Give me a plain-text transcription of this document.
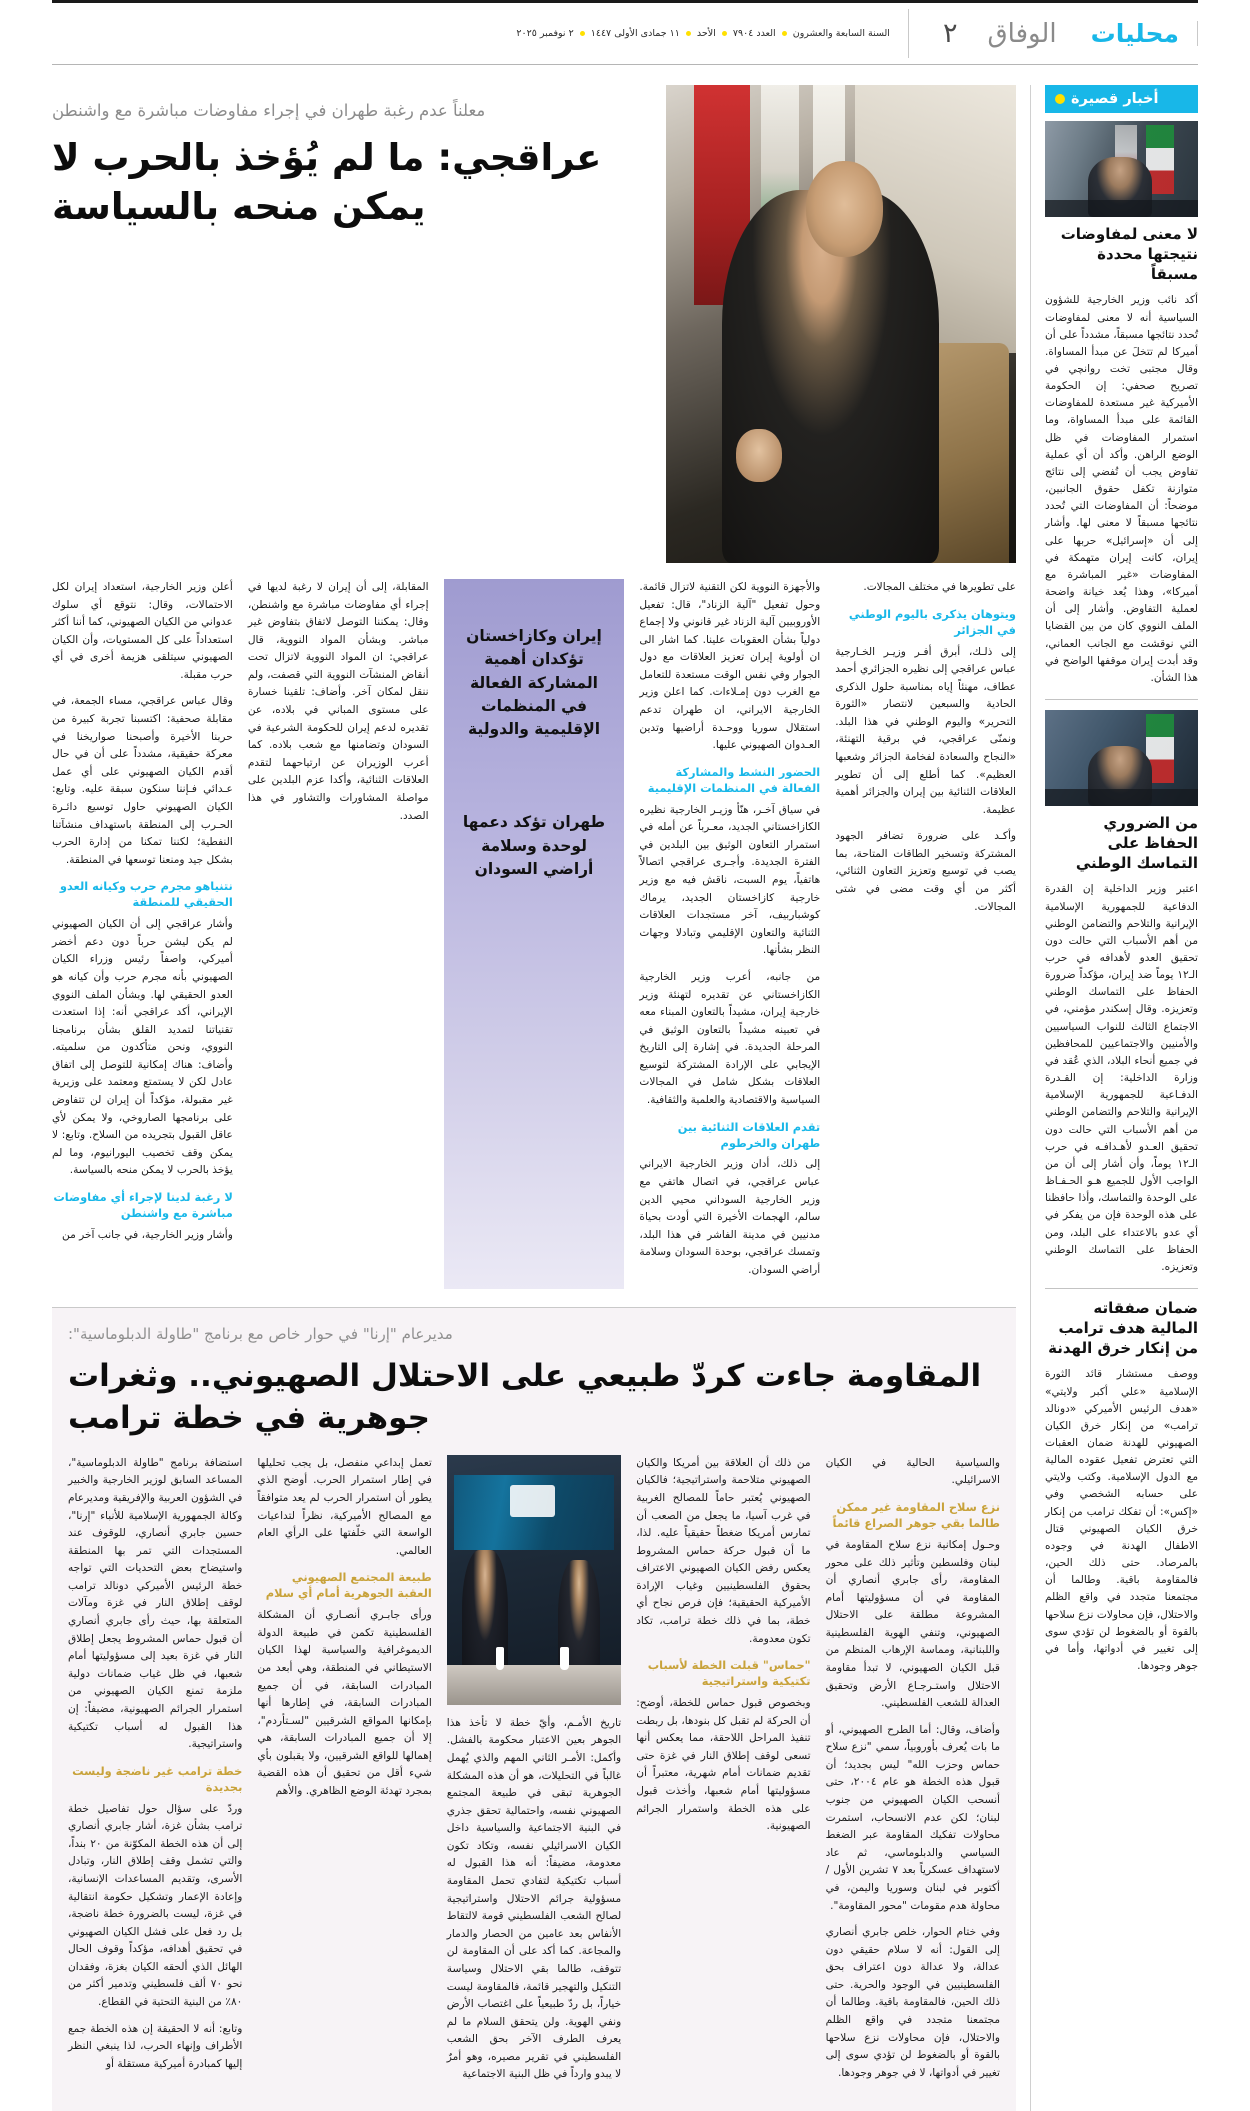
٢	الوفاق	محليات
السنة السابعة والعشرون  العدد ٧٩٠٤  الأحد  ١١ جمادى الأولى ١٤٤٧  ٢ نوفمبر ٢٠٢٥
أخبار قصيرة
لا معنى لمفاوضات نتيجتها محددة مسبقاً
أكد نائب وزير الخارجية للشؤون السياسية أنه لا معنى لمفاوضات تُحدد نتائجها مسبقاً، مشدداً على أن أميركا لم تتخلَ عن مبدأ المساواة. وقال مجتبى تخت روانچي في تصريح صحفي: إن الحكومة الأميركية غير مستعدة للمفاوضات القائمة على مبدأ المساواة، وما استمرار المفاوضات في ظل الوضع الراهن. وأكد أن أي عملية تفاوض يجب أن تُفضي إلى نتائج متوازنة تكفل حقوق الجانبين، موضحاً: أن المفاوضات التي تُحدد نتائجها مسبقاً لا معنى لها. وأشار إلى أن «إسرائيل» حربها على إيران، كانت إيران متهمكة في المفاوضات «غير المباشرة مع أميركا»، وهذا يُعد خيانة واضحة لعملية التفاوض. وأشار إلى أن الملف النووي كان من بين القضايا التي نوقشت مع الجانب العماني، وقد أبدت إيران موقفها الواضح في هذا الشأن.
من الضروري الحفاظ على التماسك الوطني
اعتبر وزير الداخلية إن القدرة الدفاعية للجمهورية الإسلامية الإيرانية والتلاحم والتضامن الوطني من أهم الأسباب التي حالت دون تحقيق العدو لأهدافه في حرب الـ١٢ يوماً ضد إيران، مؤكداً ضرورة الحفاظ على التماسك الوطني وتعزيزه. وقال إسكندر مؤمني، في الاجتماع الثالث للنواب السياسيين والأمنيين والاجتماعيين للمحافظين في جميع أنحاء البلاد، الذي عُقد في وزارة الداخلية: إن القـدرة الدفـاعية للجمهورية الإسلامية الإيرانية والتلاحم والتضامن الوطني من أهم الأسباب التي حالت دون تحقيق العـدو لأهـدافـه في حرب الـ١٢ يوماً، وأن أشار إلى أن من الواجب الأول للجميع هـو الحـفـاظ على الوحدة والتماسك، وأذا حافظنا على هذه الوحدة فإن من يفكر في أي عدو بالاعتداء على البلد، ومن الحفاظ على التماسك الوطني وتعزيزه.
ضمان صفقاته المالية هدف ترامب من إنكار خرق الهدنة
ووصف مستشار قائد الثورة الإسلامية «علي أكبر ولايتي» «هدف الرئيس الأميركي «دونالد ترامب» من إنكار خرق الكيان الصهيوني للهدنة ضمان العقبات التي تعترض تفعيل عقوده المالية مع الدول الإسلامية. وكتب ولايتي على حسابه الشخصي وفي «إكس»: أن تفكك ترامب من إنكار خرق الكيان الصهيوني قتال الاطفال الهدنة في وجوده بالمرصاد. حتى ذلك الحين، فالمقاومة باقية. وطالما أن مجتمعنا متجدد في واقع الظلم والاحتلال، فإن محاولات نزع سلاحها بالقوة أو بالضغوط لن تؤدي سوى إلى تغيير في أدواتها، وأما في جوهر وجودها.
معلناً عدم رغبة طهران في إجراء مفاوضات مباشرة مع واشنطن
عراقجي: ما لم يُؤخذ بالحرب لا يمكن منحه بالسياسة

على تطويرها في مختلف المجالات.

ويتوهان يذكرى باليوم الوطني في الجزائر

إلى ذلـك، أبرق أفـر وزيـر الخـارجية عباس عراقجي إلى نظيره الجزائري أحمد عطاف، مهنئاً إياه بمناسبة حلول الذكرى الحادية والسبعين لانتصار «الثورة التحرير» واليوم الوطني في هذا البلد. ونمنّى عراقجي، في برقية التهنئة، «النجاح والسعادة لفخامة الجزائر وشعبها العظيم». كما أطلع إلى أن تطوير العلاقات الثنائية بين إيران والجزائر أهمية عظيمة.

وأكـد على ضرورة تضافر الجهود المشتركة وتسخير الطاقات المتاحة، بما يصب في توسيع وتعزيز التعاون الثنائي، أكثر من أي وقت مضى في شتى المجالات.

والأجهزة النووية لكن التقنية لاتزال قائمة. وحول تفعيل "آلية الزناد"، قال: تفعيل الأوروبيين آلية الزناد غير قانوني ولا إجماع دولياً بشأن العقوبات علينا. كما اشار الى ان أولوية إيران تعزيز العلاقات مع دول الجوار وفي نفس الوقت مستعدة للتعامل مع الغرب دون إمـلاءات. كما اعلن وزير الخارجية الايراني، ان طهران تدعم استقلال سوريا ووحـدة أراضيها وتدين العـدوان الصهيوني عليها.

الحضور النشط والمشاركة الفعالة في المنظمات الإقليمية

في سياق آخـر، هنّأ وزيـر الخارجية نظيره الكازاخستاني الجديد، معـرباً عن أمله في استمرار التعاون الوثيق بين البلدين في الفترة الجديدة. وأجـرى عراقجي اتصالاً هاتفياً، يوم السبت، ناقش فيه مع وزير خارجية كازاخستان الجديد، يرماك كوشباربيف، آخر مستجدات العلاقات الثنائية والتعاون الإقليمي وتبادلا وجهات النظر بشأنها.

من جانبه، أعرب وزير الخارجية الكازاخستاني عن تقديره لتهنئة وزير خارجية إيران، مشيداً بالتعاون المبناء معه في تعبينه مشيداً بالتعاون الوثيق في المرحلة الجديدة. في إشارة إلى التاريخ الإيجابي على الإرادة المشتركة لتوسيع العلاقات بشكل شامل في المجالات السياسية والاقتصادية والعلمية والثقافية.

تقدم العلاقات الثنائية بين طهران والخرطوم

إلى ذلك، أدان وزير الخارجية الايراني عباس عراقجي، في اتصال هاتفي مع وزير الخارجية السوداني محيي الدين سالم، الهجمات الأخيرة التي أودت بحياة مدنيين في مدينة الفاشر في هذا البلد، وتمسك عراقجي، بوحدة السودان وسلامة أراضي السودان.

إيران وكازاخستان تؤكدان أهمية المشاركة الفعالة في المنظمات الإقليمية والدولية
طهران تؤكد دعمها لوحدة وسلامة أراضي السودان

المقابلة، إلى أن إيران لا رغبة لديها في إجراء أي مفاوضات مباشرة مع واشنطن، وقال: يمكننا التوصل لاتفاق بتفاوض غير مباشر. وبشأن المواد النووية، قال عراقجي: ان المواد النووية لاتزال تحت أنقاض المنشآت النووية التي قصفت، ولم ننقل لمكان آخر. وأضاف: تلقينا خسارة على مستوى المباني في بلاده، عن تقديره لدعم إيران للحكومة الشرعية في السودان وتضامنها مع شعب بلاده. كما أعرب الوزيران عن ارتياحهما لتقدم العلاقات الثنائية، وأكدا عزم البلدين على مواصلة المشاورات والتشاور في هذا الصدد.

أعلن وزير الخارجية، استعداد إيران لكل الاحتمالات، وقال: نتوقع أي سلوك عدواني من الكيان الصهيوني، كما أننا أكثر استعداداً على كل المستويات، وأن الكيان الصهيوني سيتلقى هزيمة أخرى في أي حرب مقبلة.

وقال عباس عراقجي، مساء الجمعة، في مقابلة صحفية: اكتسبنا تجربة كبيرة من حربنا الأخيرة وأصبحنا صواريخنا في معركة حقيقية، مشدداً على أن في حال أقدم الكيان الصهيوني على أي عمل عـدائي فـإننا سنكون سبقة عليه. وتابع: الكيان الصهيوني حاول توسيع دائـرة الحـرب إلى المنطقة باستهداف منشآتنا النفطية؛ لكننا تمكنا من إدارة الحرب بشكل جيد ومنعنا توسعها في المنطقة.

نتنياهو مجرم حرب وكيانه العدو الحقيقي للمنطقة

وأشار عراقجي إلى أن الكيان الصهيوني لم يكن ليشن حرباً دون دعم أخضر أميركي، واصفاً رئيس وزراء الكيان الصهيوني بأنه مجرم حرب وأن كيانه هو العدو الحقيقي لها. وبشأن الملف النووي الإيراني، أكد عراقجي أنه: إذا استعدت تقنياتنا لتمديد القلق بشأن برنامجنا النووي، ونحن متأكدون من سلميته. وأضاف: هناك إمكانية للتوصل إلى اتفاق عادل لكن لا يستمتع ومعتمد على وزيرية غير مقبولة، مؤكداً أن إيران لن تتفاوض على برنامجها الصاروخي، ولا يمكن لأي عاقل القبول بتجريده من السلاح. وتابع: لا يمكن وقف تخصيب اليورانيوم، وما لم يؤخذ بالحرب لا يمكن منحه بالسياسة.

لا رغبة لدينا لإجراء أي مفاوضات مباشرة مع واشنطن

وأشار وزير الخارجية، في جانب آخر من

مديرعام "إرنا" في حوار خاص مع برنامج "طاولة الدبلوماسية":
المقاومة جاءت كردّ طبيعي على الاحتلال الصهيوني.. وثغرات جوهرية في خطة ترامب

والسياسية الحالية في الكيان الاسرائيلي.

نزع سلاح المقاومة غير ممكن طالما بقي جوهر الصراع قائماً

وحـول إمكانية نزع سلاح المقاومة في لبنان وفلسطين وتأثير ذلك على محور المقاومة، رأى جابري أنصاري أن المقاومة في أن مسؤوليتها أمام المشروعة مطلقة على الاحتلال الصهيوني، وتنفي الهوية الفلسطينية واللبنانية، ومماسة الإرهاب المنظم من قبل الكيان الصهيوني، لا تبدأ مقاومة الاحتلال واستـرجـاع الأرض وتحقيق العدالة للشعب الفلسطيني.

وأضاف، وقال: أما الطرح الصهيوني، أو ما بات يُعرف بأوروبياً، سمي "نزع سلاح حماس وحزب الله" ليس بجديد؛ أن قبول هذه الخطة هو عام ٢٠٠٤، حتى أنسحب الكيان الصهيوني من جنوب لبنان؛ لكن عدم الانسحاب، استمرت محاولات تفكيك المقاومة عبر الضغط السياسي والدبلوماسي، ثم عاد لاستهداف عسكرياً بعد ٧ تشرين الأول / أكتوبر في لبنان وسوريا واليمن، في محاولة هدم مقومات "محور المقاومة".

وفي ختام الحوار، خلص جابري أنصاري إلى القول: أنه لا سلام حقيقي دون عدالة، ولا عدالة دون اعتراف بحق الفلسطينيين في الوجود والحرية. حتى ذلك الحين، فالمقاومة باقية. وطالما أن مجتمعنا متجدد في واقع الظلم والاحتلال، فإن محاولات نزع سلاحها بالقوة أو بالضغوط لن تؤدي سوى إلى تغيير في أدواتها، لا في جوهر وجودها.

من ذلك أن العلاقة بين أمريكا والكيان الصهيوني متلاحمة واستراتيجية؛ فالكيان الصهيوني يُعتبر حاماً للمصالح الغربية في غرب آسيا، ما يجعل من الصعب أن تمارس أمريكا ضغطاً حقيقياً عليه. لذا، ما أن قبول حركة حماس المشروط يعكس رفض الكيان الصهيوني الاعتراف بحقوق الفلسطينيين وغياب الإرادة الأميركية الحقيقية؛ فإن فرص نجاح أي خطة، بما في ذلك خطة ترامب، تكاد تكون معدومة.

"حماس" قبلت الخطة لأسباب تكتيكية واستراتيجية

وبخصوص قبول حماس للخطة، أوضح: أن الحركة لم تقبل كل بنودها، بل ربطت تنفيذ المراحل اللاحقة، مما يعكس أنها تسعى لوقف إطلاق النار في غزة حتى تقديم ضمانات أمام شهرية، معتبراً أن مسؤوليتها أمام شعبها، وأخذت قبول على هذه الخطة واستمرار الجرائم الصهيونية.

تاريخ الأمـم، وأيّ خطة لا تأخذ هذا الجوهر بعين الاعتبار محكومة بالفشل. وأكمل: الأمـر الثاني المهم والذي يُهمل غالباً في التحليلات، هو أن هذه المشكلة الجوهرية تبقى في طبيعة المجتمع الصهيوني نفسه، واحتمالية تحقق جذري في البنية الاجتماعية والسياسية داخل الكيان الاسرائيلي نفسه، وتكاد تكون معدومة، مضيفاً: أنه هذا القبول له أسباب تكتيكية لتفادي تحمل المقاومة مسؤولية جرائم الاحتلال واستراتيجية لصالح الشعب الفلسطيني قومة لالتقاط الأنفاس بعد عامين من الحصار والدمار والمجاعة. كما أكد على أن المقاومة لن تتوقف، طالما بقي الاحتلال وسياسة التنكيل والتهجير قائمة، فالمقاومة ليست خياراً، بل ردّ طبيعياً على اغتصاب الأرض ونفي الهوية. ولن يتحقق السلام ما لم يعرف الطرف الآخر بحق الشعب الفلسطيني في تقرير مصيره، وهو أمرٌ لا يبدو وارداً في ظل البنية الاجتماعية

تعمل إبداعي منفصل، بل يجب تحليلها في إطار استمرار الحرب. أوضح الذي يطور أن استمرار الحرب لم يعد متوافقاً مع المصالح الأميركية، نظراً لتداعيات الواسعة التي خلّفتها على الرأي العام العالمي.

طبيعة المجتمع الصهيوني العقبة الجوهرية أمام أي سلام

ورأى جابـري أنصـاري أن المشكلة الفلسطينية تكمن في طبيعة الدولة الديموغرافية والسياسية لهذا الكيان الاستيطاني في المنطقة، وهي أبعد من المبادرات السابقة، في أن جميع المبادرات السابقة، في إطارها أنها بإمكانها المواقع الشرقيين "لسـتأردم"، إلا أن جميع المبادرات السابقة، هي إهمالها للواقع الشرقيين، ولا يقبلون بأي شيء أقل من تحقيق أن هذه القضية بمجرد تهدئة الوضع الظاهري. والأهم

استضافة برنامج "طاولة الدبلوماسية"، المساعد السابق لوزير الخارجية والخبير في الشؤون العربية والإفريقية ومديرعام وكالة الجمهورية الإسلامية للأنباء "إرنا"، حسين جابري أنصاري، للوقوف عند المستجدات التي تمر بها المنطقة واستيضاح بعض التحديات التي تواجه خطة الرئيس الأميركي دونالد ترامب لوقف إطلاق النار في غزة ومآلات المتعلقة بها، حيث رأى جابري أنصاري أن قبول حماس المشروط يجعل إطلاق النار في غزة بعيد إلى مسؤوليتها أمام شعبها، في ظل غياب ضمانات دولية ملزمة تمنع الكيان الصهيوني من استمرار الجرائم الصهيونية، مضيفاً: إن هذا القبول له أسباب تكتيكية واستراتيجية.

خطة ترامب غير ناضجة وليست بجديدة

وردّ على سؤال حول تفاصيل خطة ترامب بشأن غزة، أشار جابري أنصاري إلى أن هذه الخطة المكوّنة من ٢٠ بنداً، والتي تشمل وقف إطلاق النار، وتبادل الأسرى، وتقديم المساعدات الإنسانية، وإعادة الإعمار وتشكيل حكومة انتقالية في غزة، ليست بالضرورة خطة ناضجة، بل رد فعل على فشل الكيان الصهيوني في تحقيق أهدافه، مؤكداً وقوف الحال الهائل الذي ألحقه الكيان بغزة، وفقدان نحو ٧٠ ألف فلسطيني وتدمير أكثر من ٨٠٪ من البنية التحتية في القطاع.

وتابع: أنه لا الحقيقة إن هذه الخطة جمع الأطراف وإنهاء الحرب، لذا ينبغي النظر إليها كمبادرة أميركية مستقلة أو
